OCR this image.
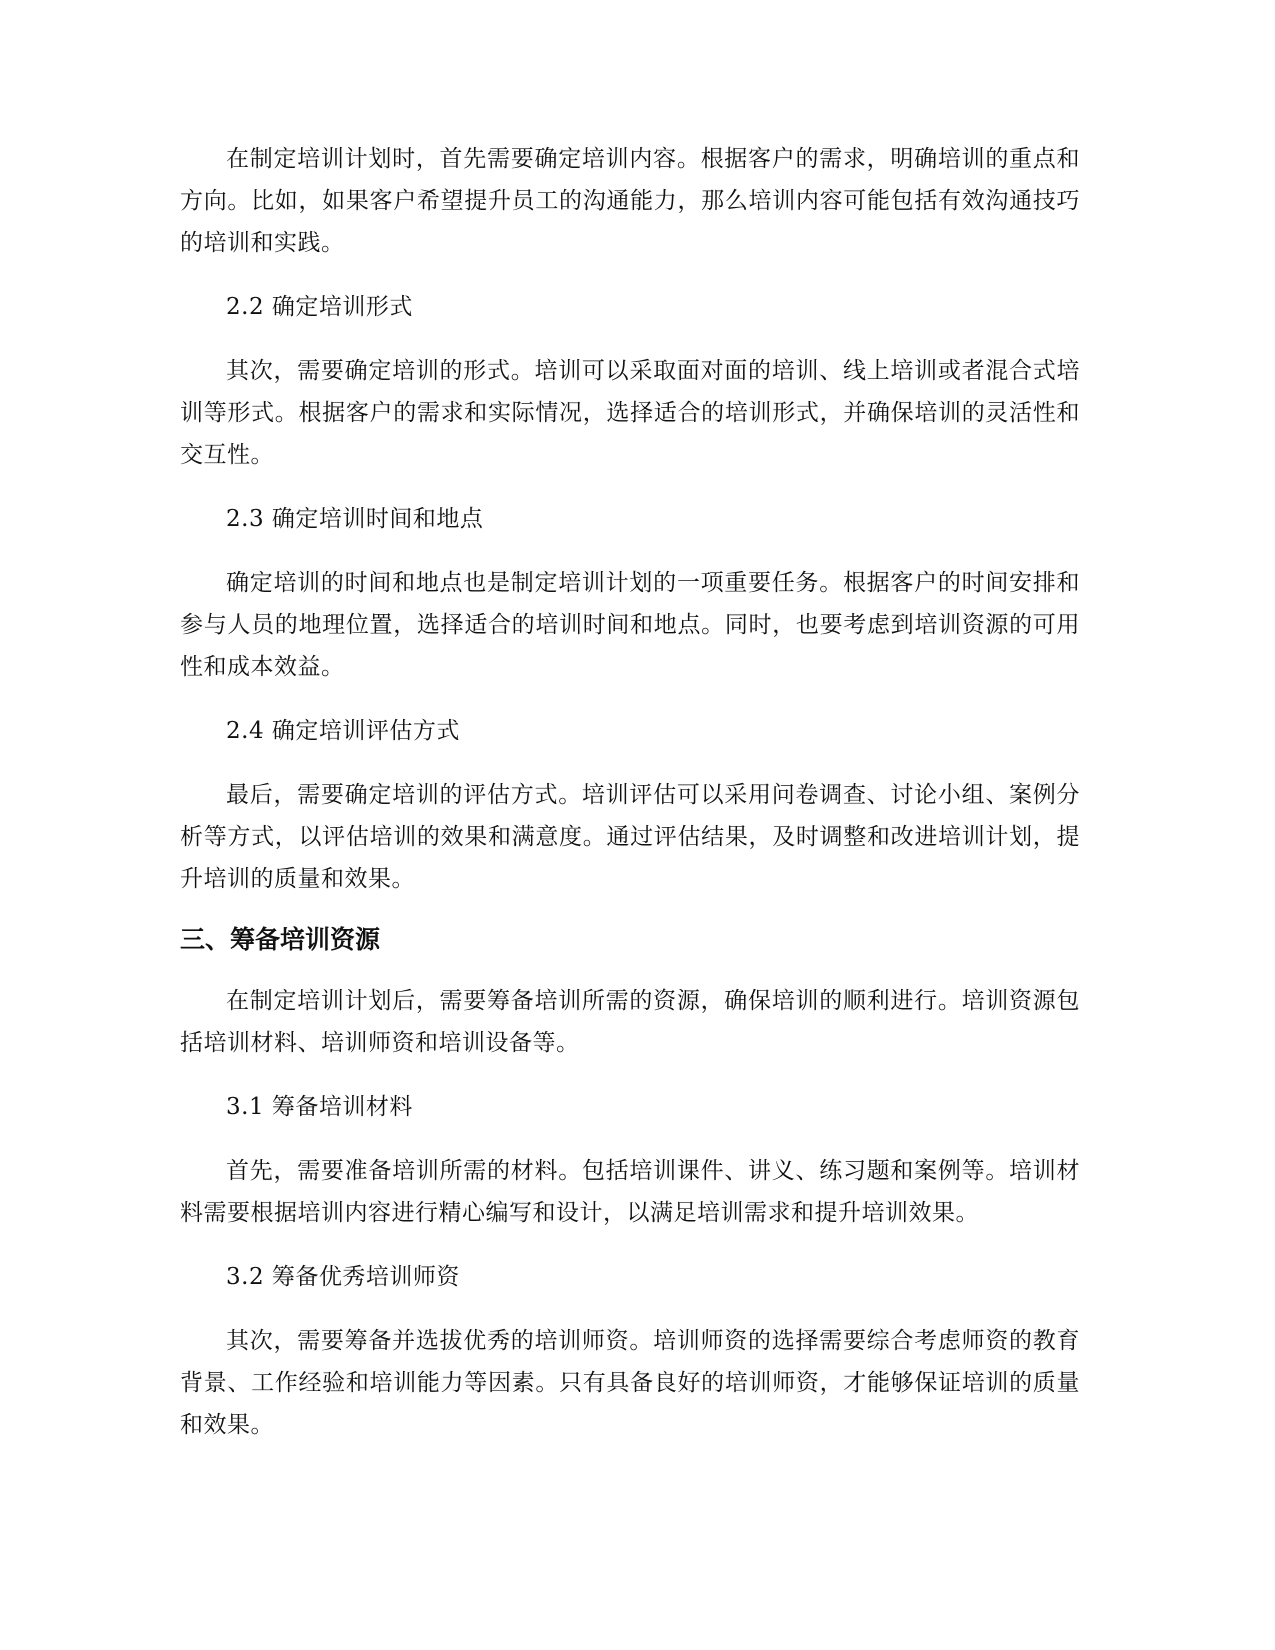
在制定培训计划时，首先需要确定培训内容。根据客户的需求，明确培训的重点和方向。比如，如果客户希望提升员工的沟通能力，那么培训内容可能包括有效沟通技巧的培训和实践。

2.2 确定培训形式

其次，需要确定培训的形式。培训可以采取面对面的培训、线上培训或者混合式培训等形式。根据客户的需求和实际情况，选择适合的培训形式，并确保培训的灵活性和交互性。

2.3 确定培训时间和地点

确定培训的时间和地点也是制定培训计划的一项重要任务。根据客户的时间安排和参与人员的地理位置，选择适合的培训时间和地点。同时，也要考虑到培训资源的可用性和成本效益。

2.4 确定培训评估方式

最后，需要确定培训的评估方式。培训评估可以采用问卷调查、讨论小组、案例分析等方式，以评估培训的效果和满意度。通过评估结果，及时调整和改进培训计划，提升培训的质量和效果。

三、筹备培训资源

在制定培训计划后，需要筹备培训所需的资源，确保培训的顺利进行。培训资源包括培训材料、培训师资和培训设备等。

3.1 筹备培训材料

首先，需要准备培训所需的材料。包括培训课件、讲义、练习题和案例等。培训材料需要根据培训内容进行精心编写和设计，以满足培训需求和提升培训效果。

3.2 筹备优秀培训师资

其次，需要筹备并选拔优秀的培训师资。培训师资的选择需要综合考虑师资的教育背景、工作经验和培训能力等因素。只有具备良好的培训师资，才能够保证培训的质量和效果。
